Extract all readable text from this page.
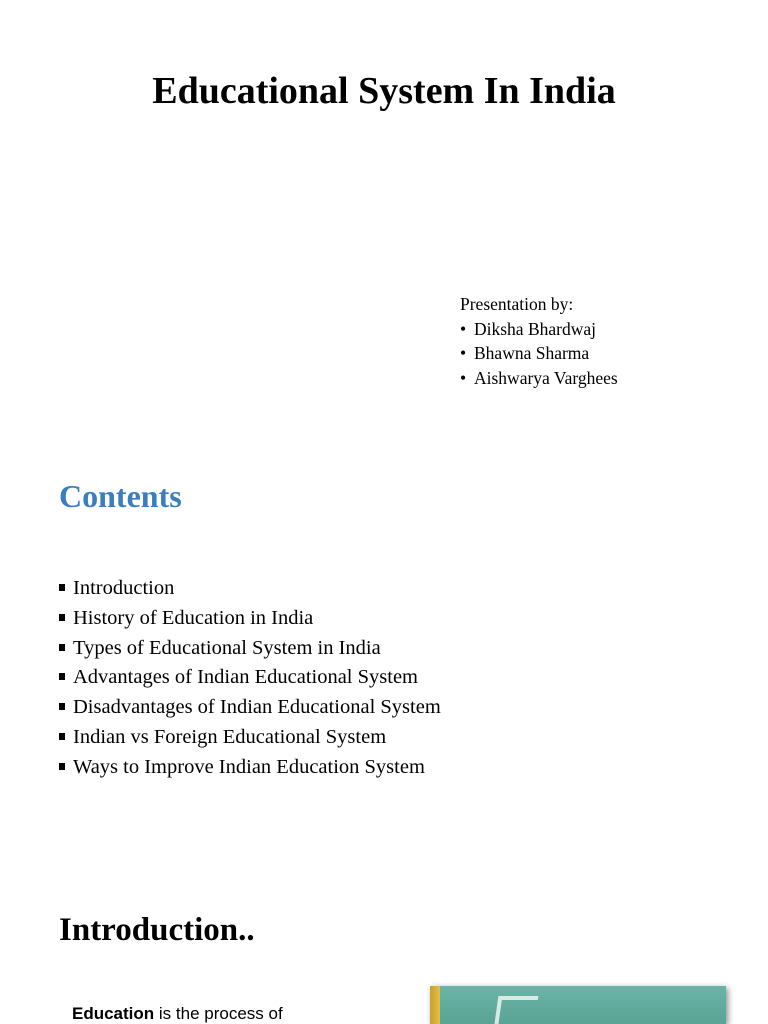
Educational System In India
Presentation by:
• Diksha Bhardwaj
• Bhawna Sharma
• Aishwarya Varghees
Contents
Introduction
History of Education in India
Types of Educational System in India
Advantages of Indian Educational System
Disadvantages of Indian Educational System
Indian vs Foreign Educational System
Ways to Improve Indian Education System
Introduction..

Education is the process of
